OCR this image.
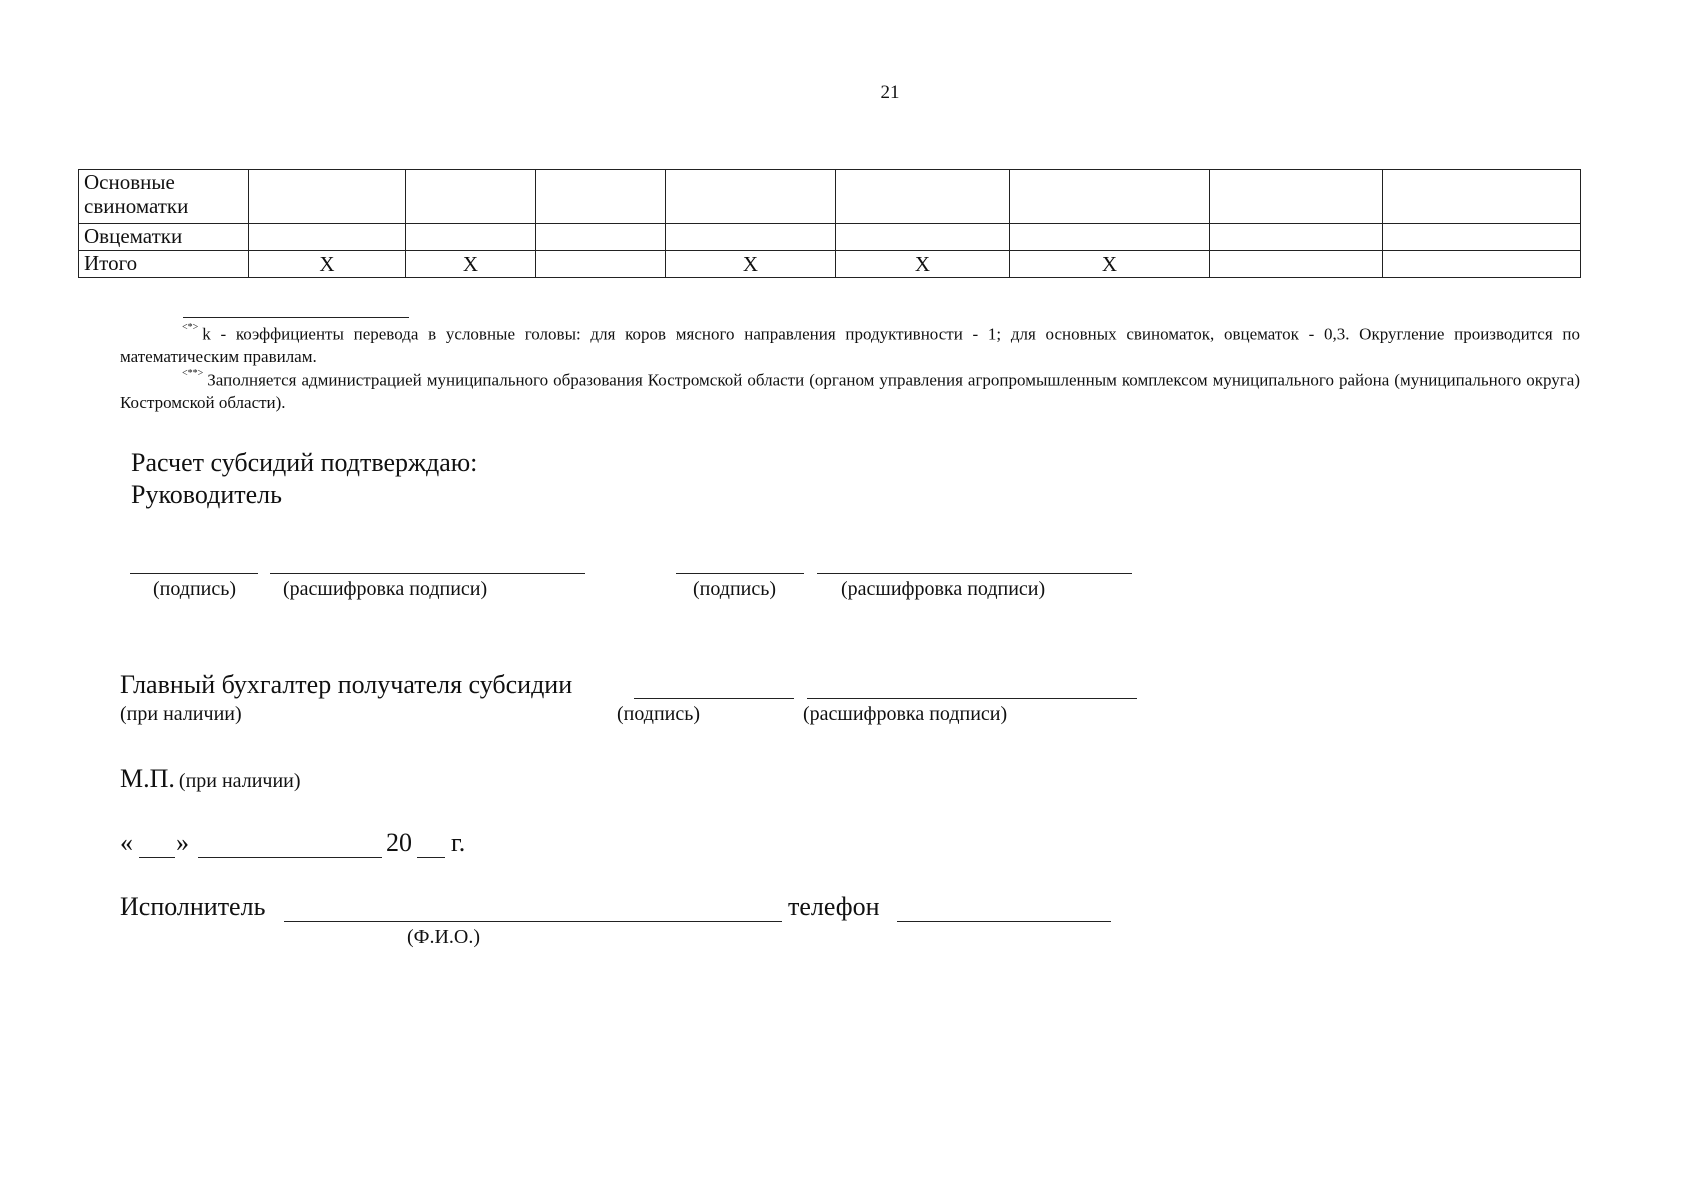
21
Основные свиноматки								
Овцематки								
Итого	X	X		X	X	X		
<*> k - коэффициенты перевода в условные головы: для коров мясного направления продуктивности - 1; для основных свиноматок, овцематок - 0,3. Округление производится по математическим правилам.
<**> Заполняется администрацией муниципального образования Костромской области (органом управления агропромышленным комплексом муниципального района (муниципального округа) Костромской области).
Расчет субсидий подтверждаю:
Руководитель
(подпись) (расшифровка подписи)	(подпись)	(расшифровка подписи)
Главный бухгалтер получателя субсидии
(при наличии)	(подпись)	(расшифровка подписи)
М.П. (при наличии)
« »	20 г.
Исполнитель	телефон
(Ф.И.О.)
